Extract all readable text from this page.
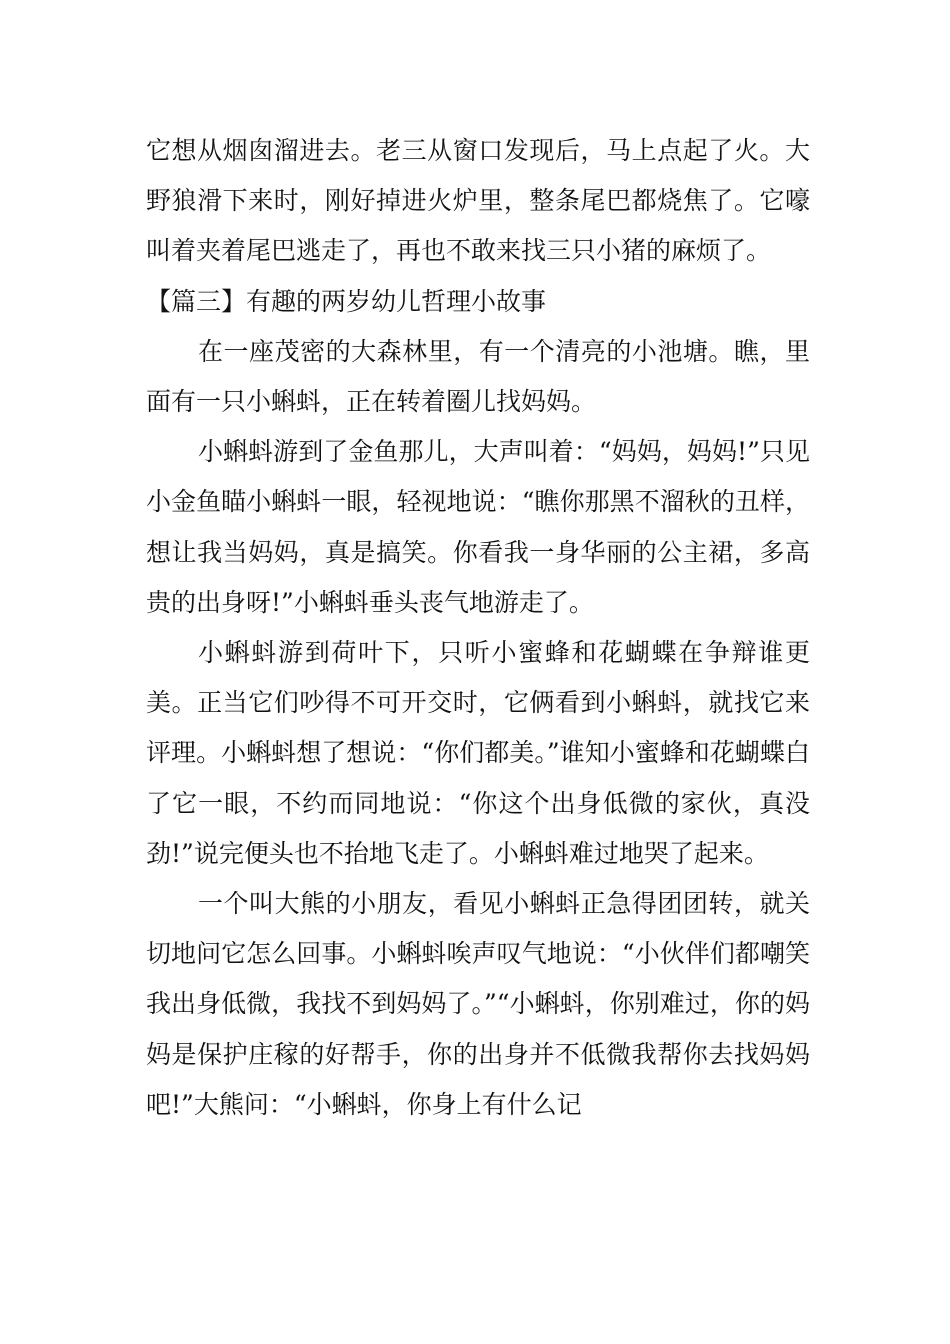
它想从烟囱溜进去。老三从窗口发现后，马上点起了火。大野狼滑下来时，刚好掉进火炉里，整条尾巴都烧焦了。它嚎叫着夹着尾巴逃走了，再也不敢来找三只小猪的麻烦了。

【篇三】有趣的两岁幼儿哲理小故事

在一座茂密的大森林里，有一个清亮的小池塘。瞧，里面有一只小蝌蚪，正在转着圈儿找妈妈。

小蝌蚪游到了金鱼那儿，大声叫着：“妈妈，妈妈!”只见小金鱼瞄小蝌蚪一眼，轻视地说：“瞧你那黑不溜秋的丑样，想让我当妈妈，真是搞笑。你看我一身华丽的公主裙，多高贵的出身呀!”小蝌蚪垂头丧气地游走了。

小蝌蚪游到荷叶下，只听小蜜蜂和花蝴蝶在争辩谁更美。正当它们吵得不可开交时，它俩看到小蝌蚪，就找它来评理。小蝌蚪想了想说：“你们都美。”谁知小蜜蜂和花蝴蝶白了它一眼，不约而同地说：“你这个出身低微的家伙，真没劲!”说完便头也不抬地飞走了。小蝌蚪难过地哭了起来。

一个叫大熊的小朋友，看见小蝌蚪正急得团团转，就关切地问它怎么回事。小蝌蚪唉声叹气地说：“小伙伴们都嘲笑我出身低微，我找不到妈妈了。”“小蝌蚪，你别难过，你的妈妈是保护庄稼的好帮手，你的出身并不低微我帮你去找妈妈吧!”大熊问：“小蝌蚪，你身上有什么记
